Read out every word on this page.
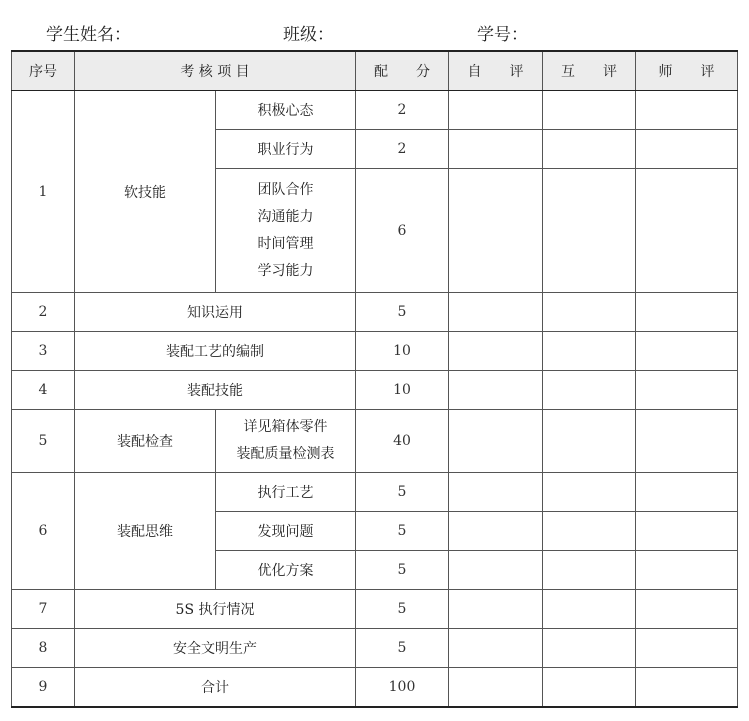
学生姓名：	班级：	学号：
序号	考 核 项 目		配　　分	自　　评	互　　评	师　　评
1	软技能	积极心态	2			
		职业行为	2			

		团队合作
沟通能力
时间管理
学习能力	6			
2	知识运用		5			
3	装配工艺的编制		10			
4	装配技能		10			
5	装配检查	详见箱体零件
装配质量检测表	40			
6	装配思维	执行工艺	5			
		发现问题	5			
		优化方案	5			
7	5S 执行情况		5			
8	安全文明生产		5			
9	合计		100			
